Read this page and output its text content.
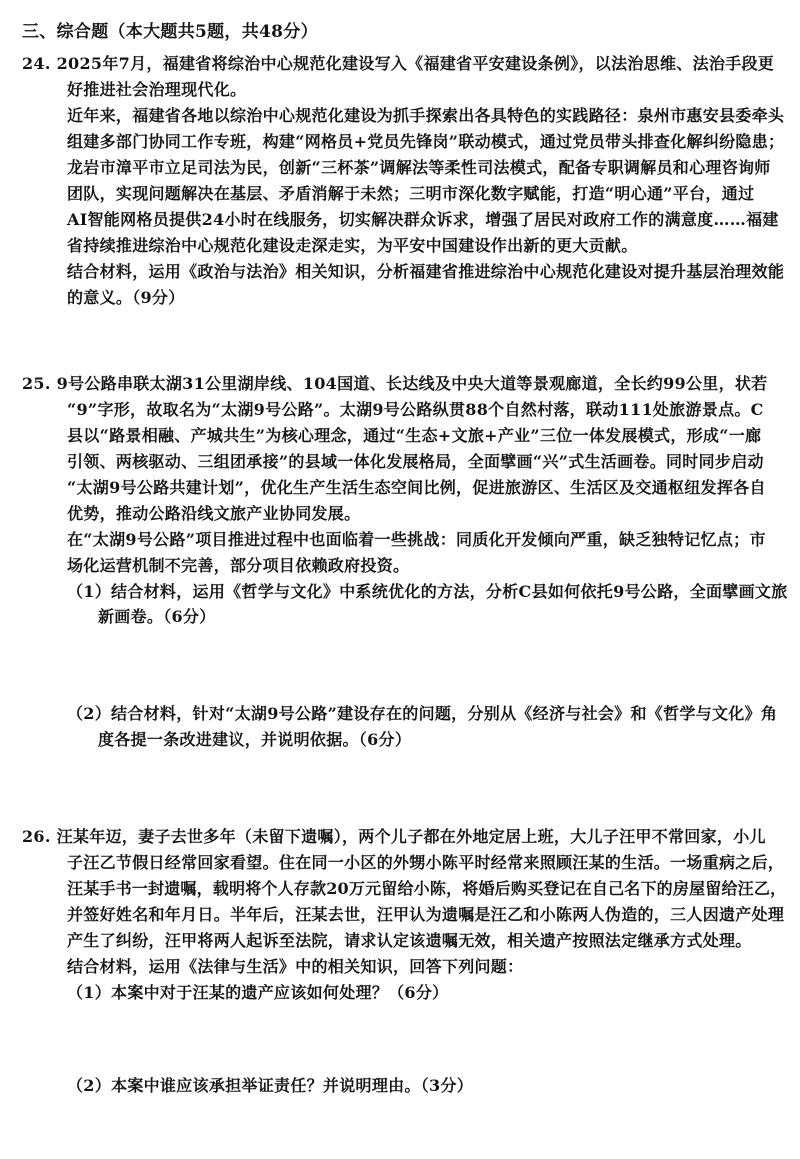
三、综合题（本大题共5题，共48分）

24. 2025年7月，福建省将综治中心规范化建设写入《福建省平安建设条例》，以法治思维、法治手段更

好推进社会治理现代化。

近年来，福建省各地以综治中心规范化建设为抓手探索出各具特色的实践路径：泉州市惠安县委牵头

组建多部门协同工作专班，构建“网格员+党员先锋岗”联动模式，通过党员带头排查化解纠纷隐患；

龙岩市漳平市立足司法为民，创新“三杯茶”调解法等柔性司法模式，配备专职调解员和心理咨询师

团队，实现问题解决在基层、矛盾消解于未然；三明市深化数字赋能，打造“明心通”平台，通过

AI智能网格员提供24小时在线服务，切实解决群众诉求，增强了居民对政府工作的满意度……福建

省持续推进综治中心规范化建设走深走实，为平安中国建设作出新的更大贡献。

结合材料，运用《政治与法治》相关知识，分析福建省推进综治中心规范化建设对提升基层治理效能

的意义。（9分）

25. 9号公路串联太湖31公里湖岸线、104国道、长达线及中央大道等景观廊道，全长约99公里，状若

“9”字形，故取名为“太湖9号公路”。太湖9号公路纵贯88个自然村落，联动111处旅游景点。C

县以“路景相融、产城共生”为核心理念，通过“生态+文旅+产业”三位一体发展模式，形成“一廊

引领、两核驱动、三组团承接”的县域一体化发展格局，全面擘画“兴”式生活画卷。同时同步启动

“太湖9号公路共建计划”，优化生产生活生态空间比例，促进旅游区、生活区及交通枢纽发挥各自

优势，推动公路沿线文旅产业协同发展。

在“太湖9号公路”项目推进过程中也面临着一些挑战：同质化开发倾向严重，缺乏独特记忆点；市

场化运营机制不完善，部分项目依赖政府投资。

（1）结合材料，运用《哲学与文化》中系统优化的方法，分析C县如何依托9号公路，全面擘画文旅

新画卷。（6分）

（2）结合材料，针对“太湖9号公路”建设存在的问题，分别从《经济与社会》和《哲学与文化》角

度各提一条改进建议，并说明依据。（6分）

26. 汪某年迈，妻子去世多年（未留下遗嘱），两个儿子都在外地定居上班，大儿子汪甲不常回家，小儿

子汪乙节假日经常回家看望。住在同一小区的外甥小陈平时经常来照顾汪某的生活。一场重病之后，

汪某手书一封遗嘱，载明将个人存款20万元留给小陈，将婚后购买登记在自己名下的房屋留给汪乙，

并签好姓名和年月日。半年后，汪某去世，汪甲认为遗嘱是汪乙和小陈两人伪造的，三人因遗产处理

产生了纠纷，汪甲将两人起诉至法院，请求认定该遗嘱无效，相关遗产按照法定继承方式处理。

结合材料，运用《法律与生活》中的相关知识，回答下列问题：

（1）本案中对于汪某的遗产应该如何处理？（6分）

（2）本案中谁应该承担举证责任？并说明理由。（3分）
